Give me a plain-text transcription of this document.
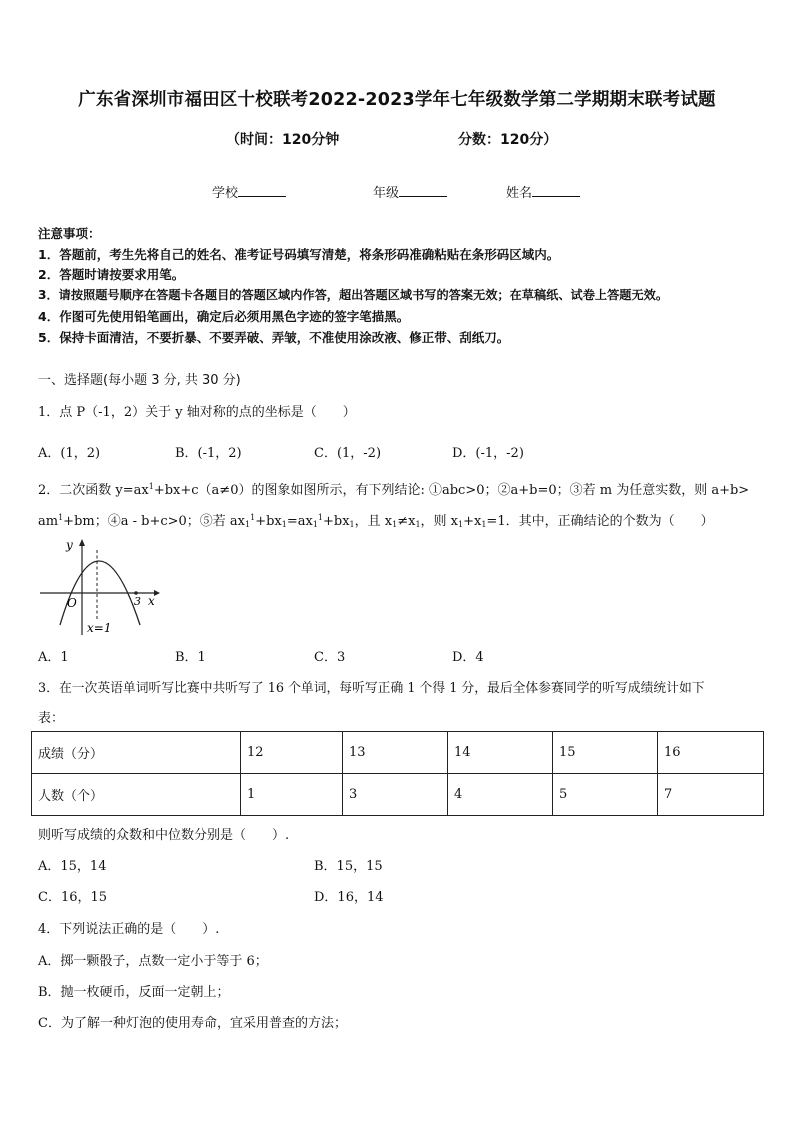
广东省深圳市福田区十校联考2022-2023学年七年级数学第二学期期末联考试题
（时间：120分钟	分数：120分）
学校	年级	姓名
注意事项：
1．答题前，考生先将自己的姓名、准考证号码填写清楚，将条形码准确粘贴在条形码区域内。
2．答题时请按要求用笔。
3．请按照题号顺序在答题卡各题目的答题区域内作答，超出答题区域书写的答案无效；在草稿纸、试卷上答题无效。
4．作图可先使用铅笔画出，确定后必须用黑色字迹的签字笔描黑。
5．保持卡面清洁，不要折暴、不要弄破、弄皱，不准使用涂改液、修正带、刮纸刀。
一、选择题(每小题 3 分, 共 30 分)
1．点 P（-1，2）关于 y 轴对称的点的坐标是（　　）
A．(1，2)	B．(-1，2)	C．(1，-2)	D．(-1，-2)
2．二次函数 $y=ax^1+bx+c(a\ne 0)$的图象如图所示，有下列结论: ①abc>0；②a+b=0；③若 m 为任意实数，则 a+b>
$am^1+bm$；④a - b+c>0；⑤若 $ax_1^1+bx_1=ax_1^1+bx_1$，且 $x_1\ne x_1$，则 $x_1+x_1=1$．其中，正确结论的个数为（　　）
y
x
O	3
x=1
A．1	B．1	C．3	D．4
3．在一次英语单词听写比赛中共听写了 16 个单词，每听写正确 1 个得 1 分，最后全体参赛同学的听写成绩统计如下
表：
成绩（分）	12	13	14	15	16
人数（个）	1	3	4	5	7
则听写成绩的众数和中位数分别是（　　）.
A．15，14	B．15，15
C．16，15	D．16，14
4．下列说法正确的是（　　）.
A．掷一颗骰子，点数一定小于等于 6；
B．抛一枚硬币，反面一定朝上；
C．为了解一种灯泡的使用寿命，宜采用普查的方法；
